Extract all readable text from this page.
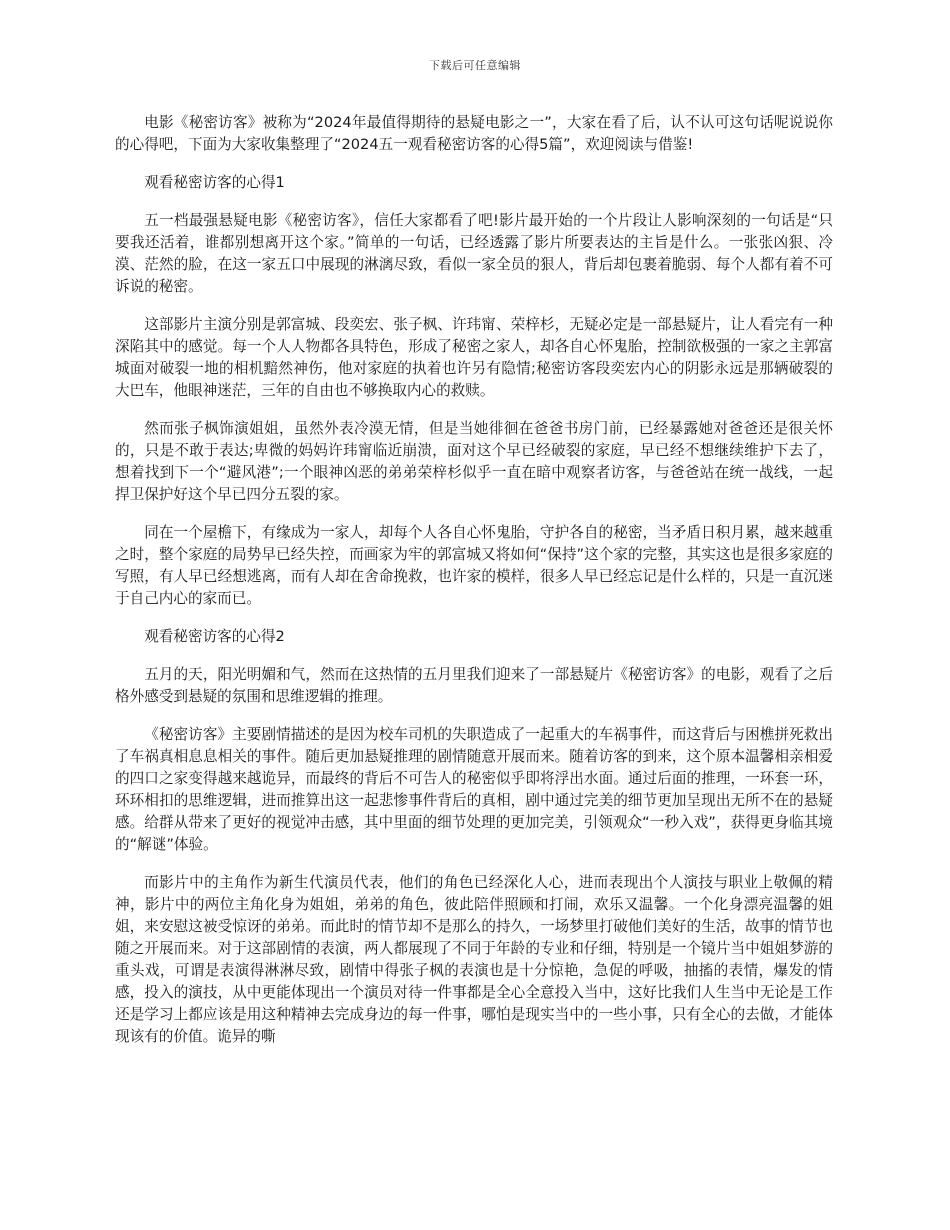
下载后可任意编辑

电影《秘密访客》被称为“2024年最值得期待的悬疑电影之一”，大家在看了后，认不认可这句话呢说说你的心得吧，下面为大家收集整理了“2024五一观看秘密访客的心得5篇”，欢迎阅读与借鉴!

观看秘密访客的心得1

五一档最强悬疑电影《秘密访客》，信任大家都看了吧!影片最开始的一个片段让人影响深刻的一句话是“只要我还活着，谁都别想离开这个家。”简单的一句话，已经透露了影片所要表达的主旨是什么。一张张凶狠、冷漠、茫然的脸，在这一家五口中展现的淋漓尽致，看似一家全员的狠人，背后却包裹着脆弱、每个人都有着不可诉说的秘密。

这部影片主演分别是郭富城、段奕宏、张子枫、许玮甯、荣梓杉，无疑必定是一部悬疑片，让人看完有一种深陷其中的感觉。每一个人人物都各具特色，形成了秘密之家人，却各自心怀鬼胎，控制欲极强的一家之主郭富城面对破裂一地的相机黯然神伤，他对家庭的执着也许另有隐情;秘密访客段奕宏内心的阴影永远是那辆破裂的大巴车，他眼神迷茫，三年的自由也不够换取内心的救赎。

然而张子枫饰演姐姐，虽然外表冷漠无情，但是当她徘徊在爸爸书房门前，已经暴露她对爸爸还是很关怀的，只是不敢于表达;卑微的妈妈许玮甯临近崩溃，面对这个早已经破裂的家庭，早已经不想继续维护下去了，想着找到下一个“避风港”;一个眼神凶恶的弟弟荣梓杉似乎一直在暗中观察者访客，与爸爸站在统一战线，一起捍卫保护好这个早已四分五裂的家。

同在一个屋檐下，有缘成为一家人，却每个人各自心怀鬼胎，守护各自的秘密，当矛盾日积月累，越来越重之时，整个家庭的局势早已经失控，而画家为牢的郭富城又将如何“保持”这个家的完整，其实这也是很多家庭的写照，有人早已经想逃离，而有人却在舍命挽救，也许家的模样，很多人早已经忘记是什么样的，只是一直沉迷于自己内心的家而已。

观看秘密访客的心得2

五月的天，阳光明媚和气，然而在这热情的五月里我们迎来了一部悬疑片《秘密访客》的电影，观看了之后格外感受到悬疑的氛围和思维逻辑的推理。

《秘密访客》主要剧情描述的是因为校车司机的失职造成了一起重大的车祸事件，而这背后与困樵拼死救出了车祸真相息息相关的事件。随后更加悬疑推理的剧情随意开展而来。随着访客的到来，这个原本温馨相亲相爱的四口之家变得越来越诡异，而最终的背后不可告人的秘密似乎即将浮出水面。通过后面的推理，一环套一环，环环相扣的思维逻辑，进而推算出这一起悲惨事件背后的真相，剧中通过完美的细节更加呈现出无所不在的悬疑感。给群从带来了更好的视觉冲击感，其中里面的细节处理的更加完美，引领观众“一秒入戏”，获得更身临其境的“解谜”体验。

而影片中的主角作为新生代演员代表，他们的角色已经深化人心，进而表现出个人演技与职业上敬佩的精神，影片中的两位主角化身为姐姐，弟弟的角色，彼此陪伴照顾和打闹，欢乐又温馨。一个化身漂亮温馨的姐姐，来安慰这被受惊讶的弟弟。而此时的情节却不是那么的持久，一场梦里打破他们美好的生活，故事的情节也随之开展而来。对于这部剧情的表演，两人都展现了不同于年龄的专业和仔细，特别是一个镜片当中姐姐梦游的重头戏，可谓是表演得淋淋尽致，剧情中得张子枫的表演也是十分惊艳，急促的呼吸，抽搐的表情，爆发的情感，投入的演技，从中更能体现出一个演员对待一件事都是全心全意投入当中，这好比我们人生当中无论是工作还是学习上都应该是用这种精神去完成身边的每一件事，哪怕是现实当中的一些小事，只有全心的去做，才能体现该有的价值。诡异的嘶
